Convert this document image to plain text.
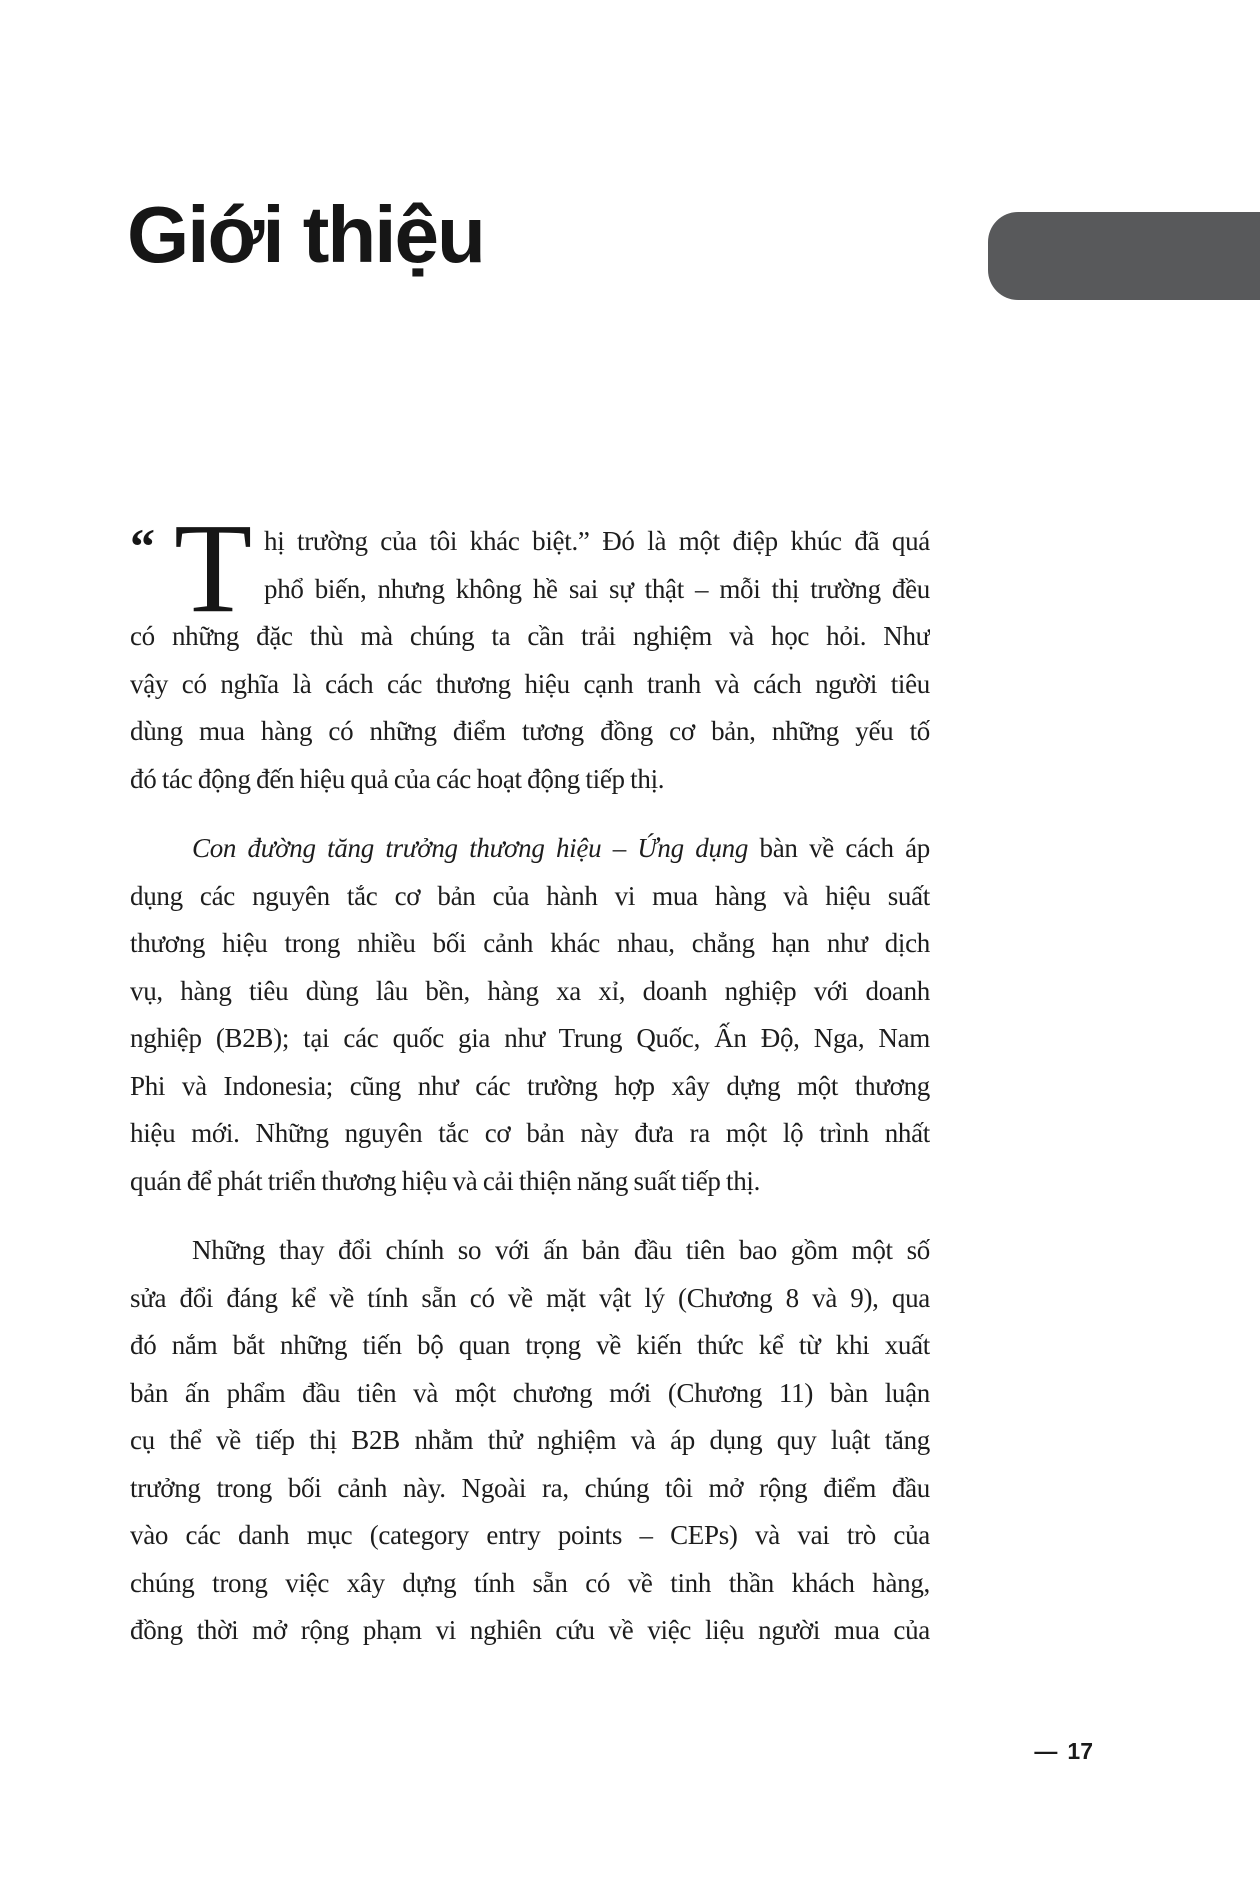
Giới thiệu
“ T hị trường của tôi khác biệt.” Đó là một điệp khúc đã quá
phổ biến, nhưng không hề sai sự thật – mỗi thị trường đều
có những đặc thù mà chúng ta cần trải nghiệm và học hỏi. Như
vậy có nghĩa là cách các thương hiệu cạnh tranh và cách người tiêu
dùng mua hàng có những điểm tương đồng cơ bản, những yếu tố
đó tác động đến hiệu quả của các hoạt động tiếp thị.
Con đường tăng trưởng thương hiệu – Ứng dụng bàn về cách áp
dụng các nguyên tắc cơ bản của hành vi mua hàng và hiệu suất
thương hiệu trong nhiều bối cảnh khác nhau, chẳng hạn như dịch
vụ, hàng tiêu dùng lâu bền, hàng xa xỉ, doanh nghiệp với doanh
nghiệp (B2B); tại các quốc gia như Trung Quốc, Ấn Độ, Nga, Nam
Phi và Indonesia; cũng như các trường hợp xây dựng một thương
hiệu mới. Những nguyên tắc cơ bản này đưa ra một lộ trình nhất
quán để phát triển thương hiệu và cải thiện năng suất tiếp thị.
Những thay đổi chính so với ấn bản đầu tiên bao gồm một số
sửa đổi đáng kể về tính sẵn có về mặt vật lý (Chương 8 và 9), qua
đó nắm bắt những tiến bộ quan trọng về kiến thức kể từ khi xuất
bản ấn phẩm đầu tiên và một chương mới (Chương 11) bàn luận
cụ thể về tiếp thị B2B nhằm thử nghiệm và áp dụng quy luật tăng
trưởng trong bối cảnh này. Ngoài ra, chúng tôi mở rộng điểm đầu
vào các danh mục (category entry points – CEPs) và vai trò của
chúng trong việc xây dựng tính sẵn có về tinh thần khách hàng,
đồng thời mở rộng phạm vi nghiên cứu về việc liệu người mua của
— 17
